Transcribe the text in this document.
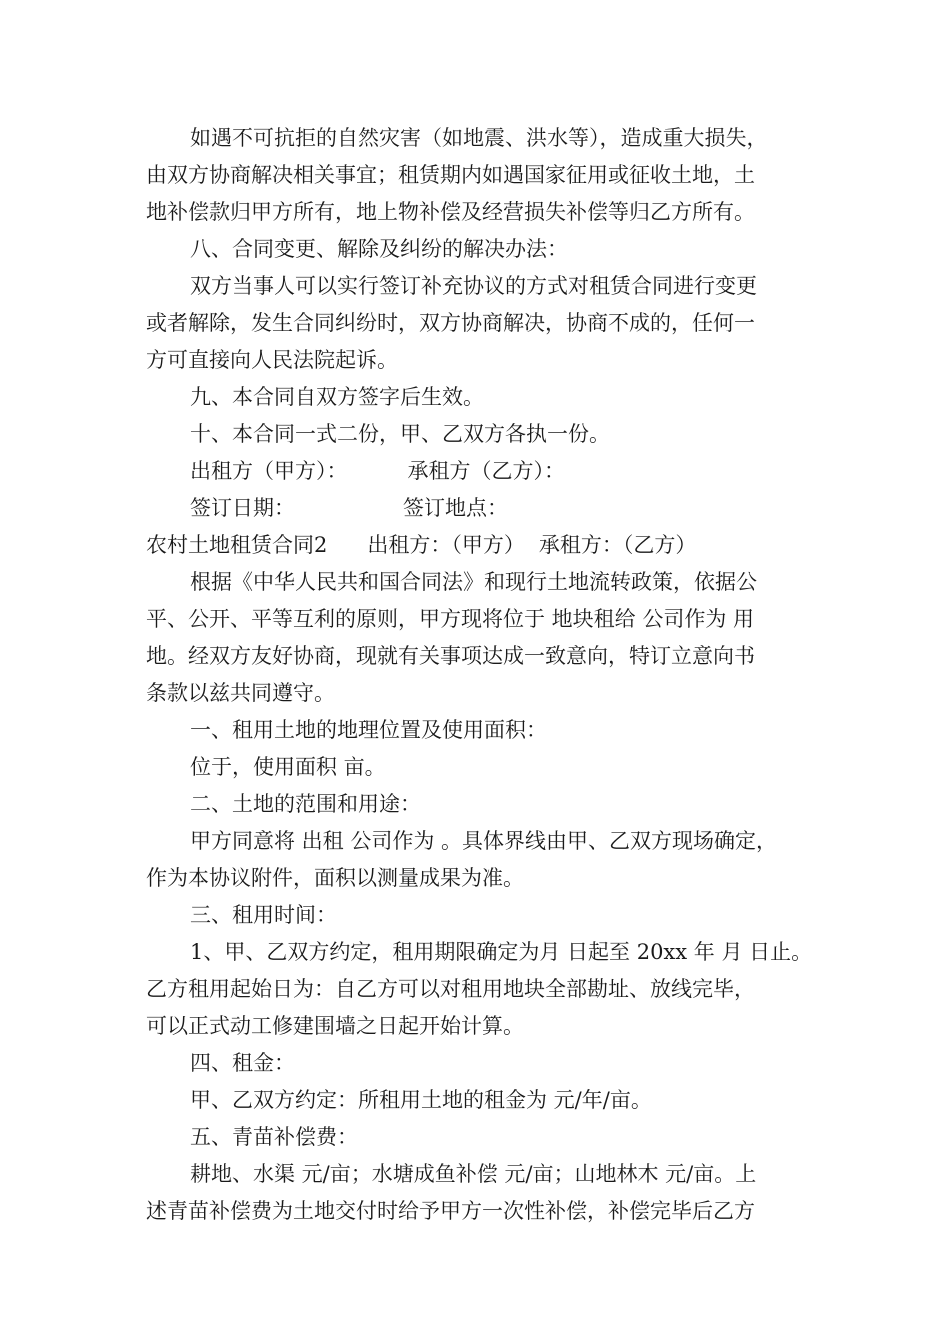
如遇不可抗拒的自然灾害（如地震、洪水等），造成重大损失，
由双方协商解决相关事宜；租赁期内如遇国家征用或征收土地，土
地补偿款归甲方所有，地上物补偿及经营损失补偿等归乙方所有。
八、合同变更、解除及纠纷的解决办法：
双方当事人可以实行签订补充协议的方式对租赁合同进行变更
或者解除，发生合同纠纷时，双方协商解决，协商不成的，任何一
方可直接向人民法院起诉。
九、本合同自双方签字后生效。
十、本合同一式二份，甲、乙双方各执一份。
出租方（甲方）：	承租方（乙方）：
签订日期：	签订地点：
农村土地租赁合同2 出租方：（甲方） 承租方：（乙方）
根据《中华人民共和国合同法》和现行土地流转政策，依据公
平、公开、平等互利的原则，甲方现将位于 地块租给 公司作为 用
地。经双方友好协商，现就有关事项达成一致意向，特订立意向书
条款以兹共同遵守。
一、租用土地的地理位置及使用面积：
位于，使用面积 亩。
二、土地的范围和用途：
甲方同意将 出租 公司作为 。具体界线由甲、乙双方现场确定，
作为本协议附件，面积以测量成果为准。
三、租用时间：
1、甲、乙双方约定，租用期限确定为月 日起至 20xx 年 月 日止。
乙方租用起始日为：自乙方可以对租用地块全部勘址、放线完毕，
可以正式动工修建围墙之日起开始计算。
四、租金：
甲、乙双方约定：所租用土地的租金为 元/年/亩。
五、青苗补偿费：
耕地、水渠 元/亩；水塘成鱼补偿 元/亩；山地林木 元/亩。上
述青苗补偿费为土地交付时给予甲方一次性补偿，补偿完毕后乙方
